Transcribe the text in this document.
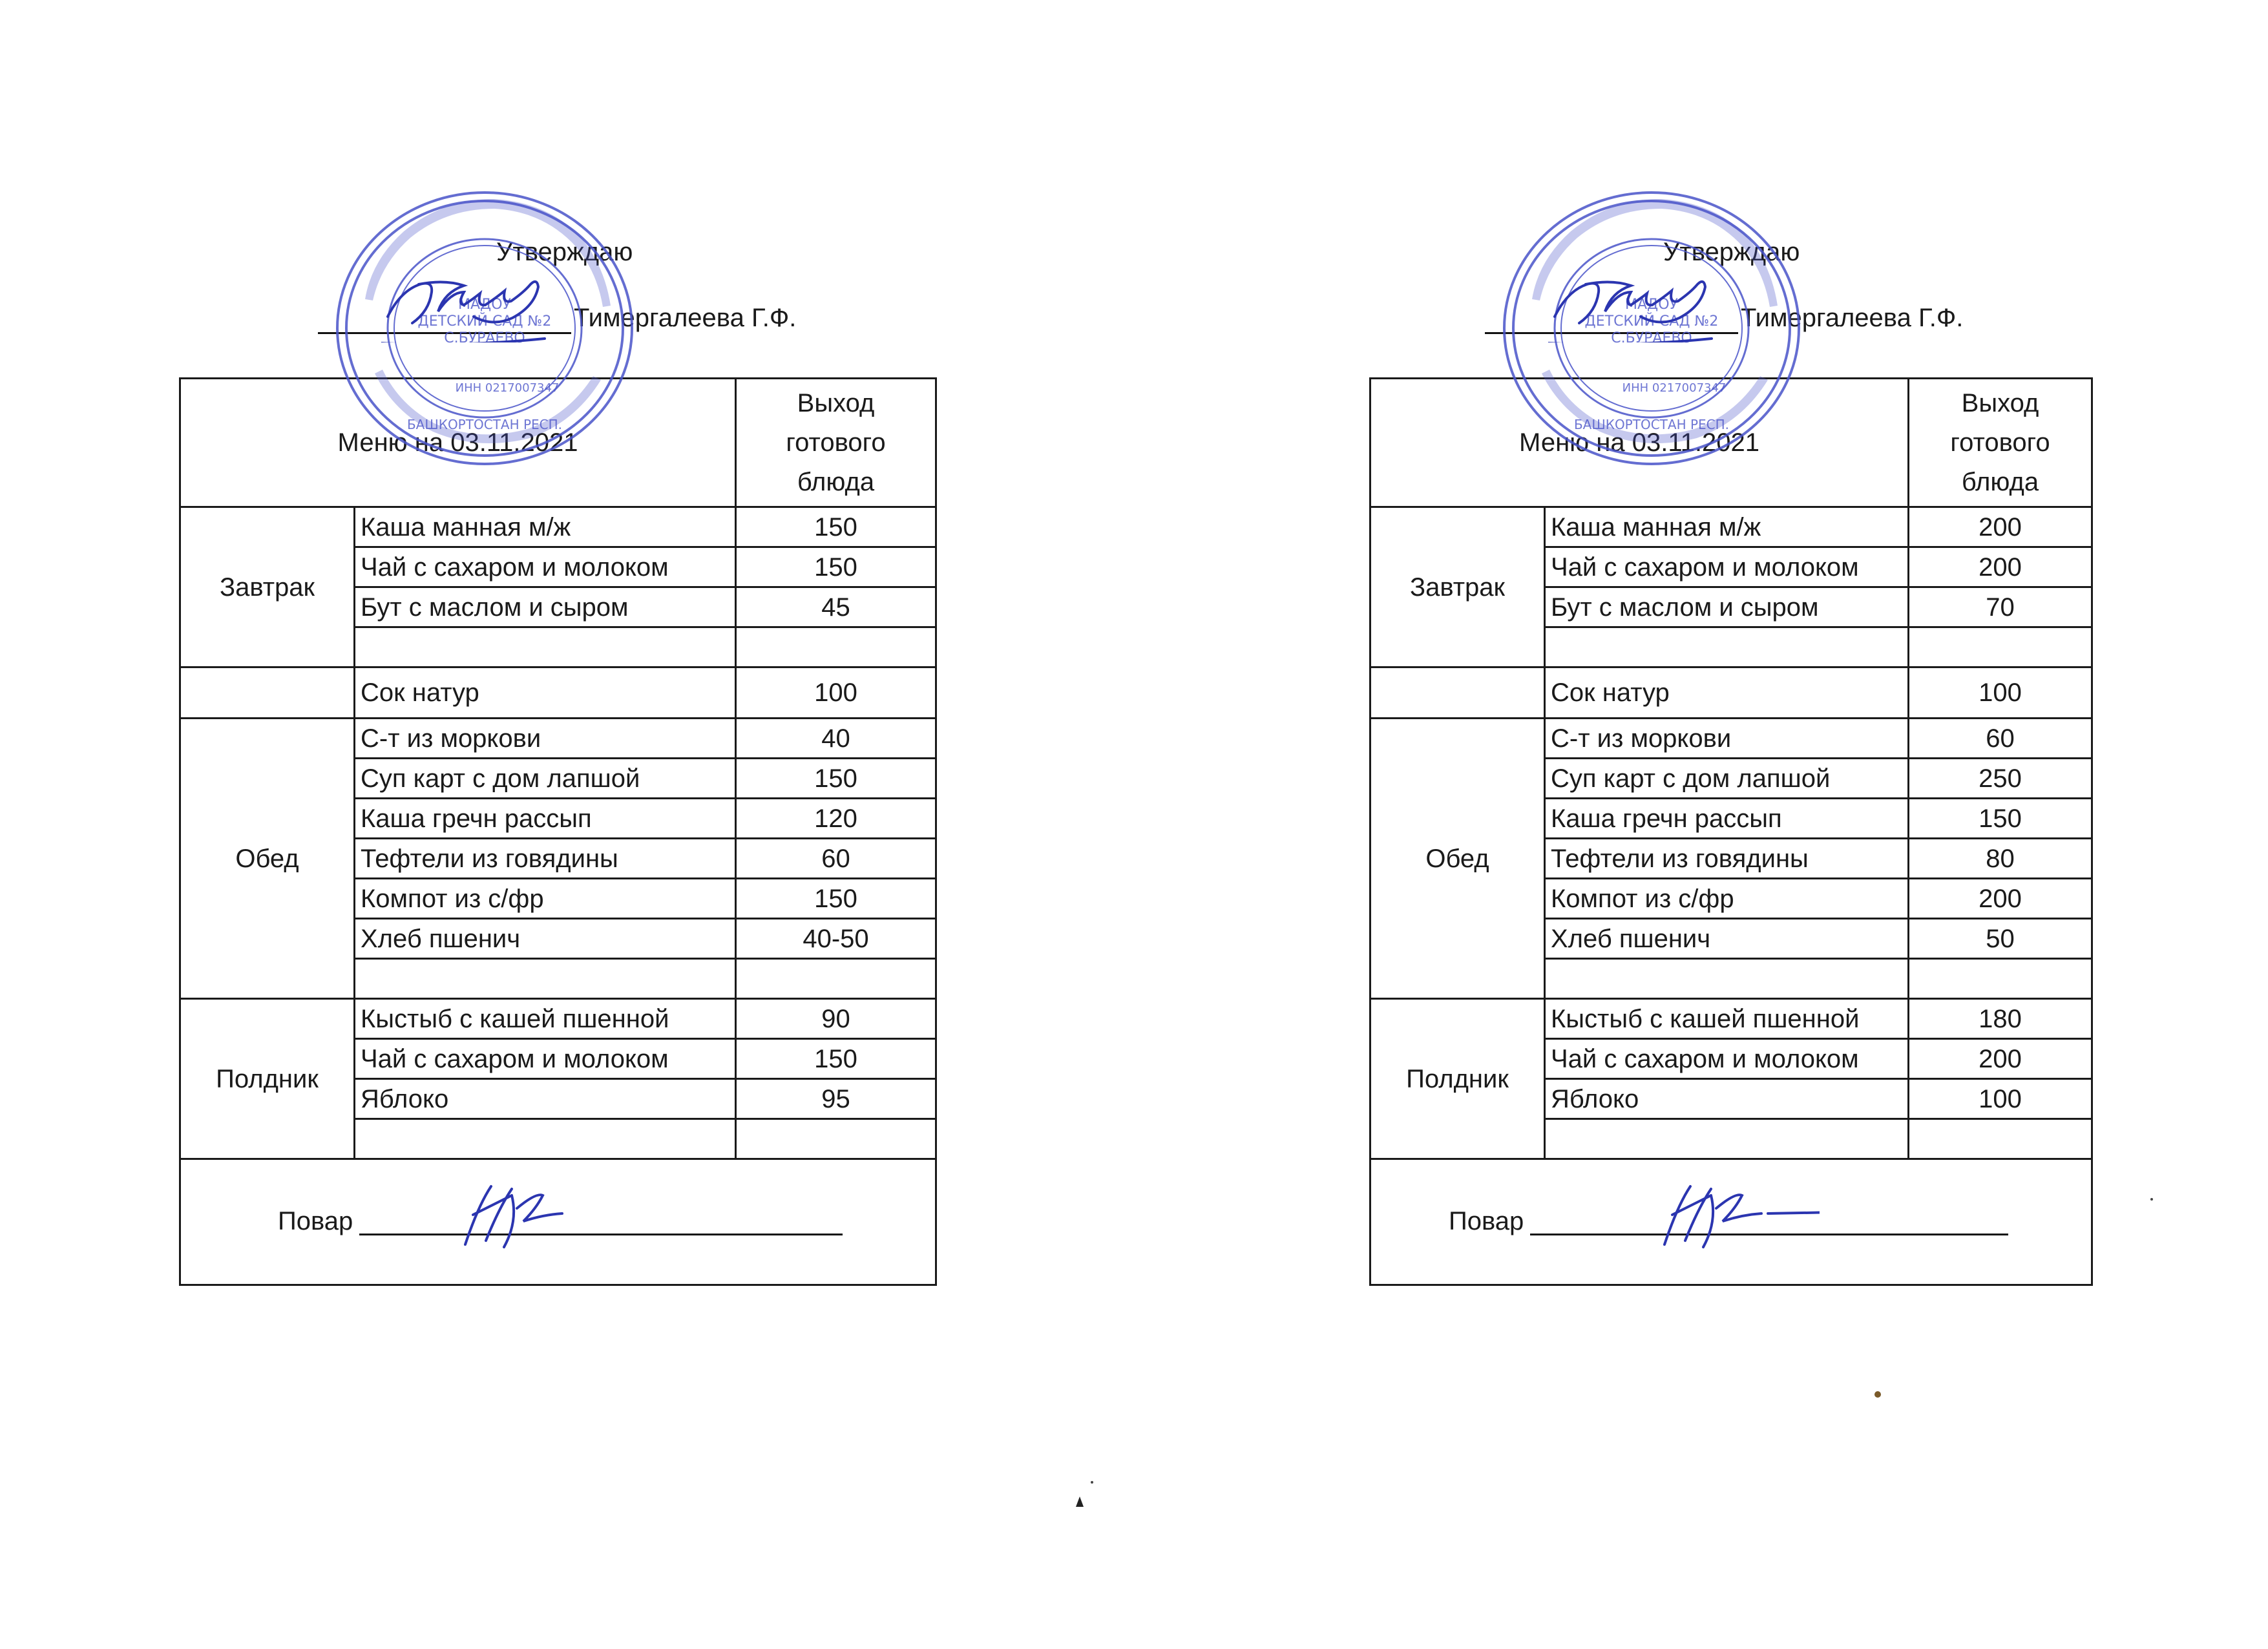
Утверждаю
Тимергалеева Г.Ф.
Меню на 03.11.2021		Выход
готового
блюда
Завтрак	Каша манная м/ж	150
	Чай с сахаром и молоком	150
	Бут с маслом и сыром	45

	Сок натур	100
Обед	С-т из моркови	40
	Суп карт с дом лапшой	150
	Каша гречн рассып	120
	Тефтели из говядины	60
	Компот из с/фр	150
	Хлеб пшенич	40-50

Полдник	Кыстыб с кашей пшенной	90
	Чай с сахаром и молоком	150
	Яблоко	95

Повар		
МАДОУ
ДЕТСКИЙ САД №2
С.БУРАЕВО
ИНН 0217007347
БАШКОРТОСТАН РЕСП.
Утверждаю
Тимергалеева Г.Ф.
Меню на 03.11.2021		Выход
готового
блюда
Завтрак	Каша манная м/ж	200
	Чай с сахаром и молоком	200
	Бут с маслом и сыром	70

	Сок натур	100
Обед	С-т из моркови	60
	Суп карт с дом лапшой	250
	Каша гречн рассып	150
	Тефтели из говядины	80
	Компот из с/фр	200
	Хлеб пшенич	50

Полдник	Кыстыб с кашей пшенной	180
	Чай с сахаром и молоком	200
	Яблоко	100

Повар		
МАДОУ
ДЕТСКИЙ САД №2
С.БУРАЕВО
ИНН 0217007347
БАШКОРТОСТАН РЕСП.
